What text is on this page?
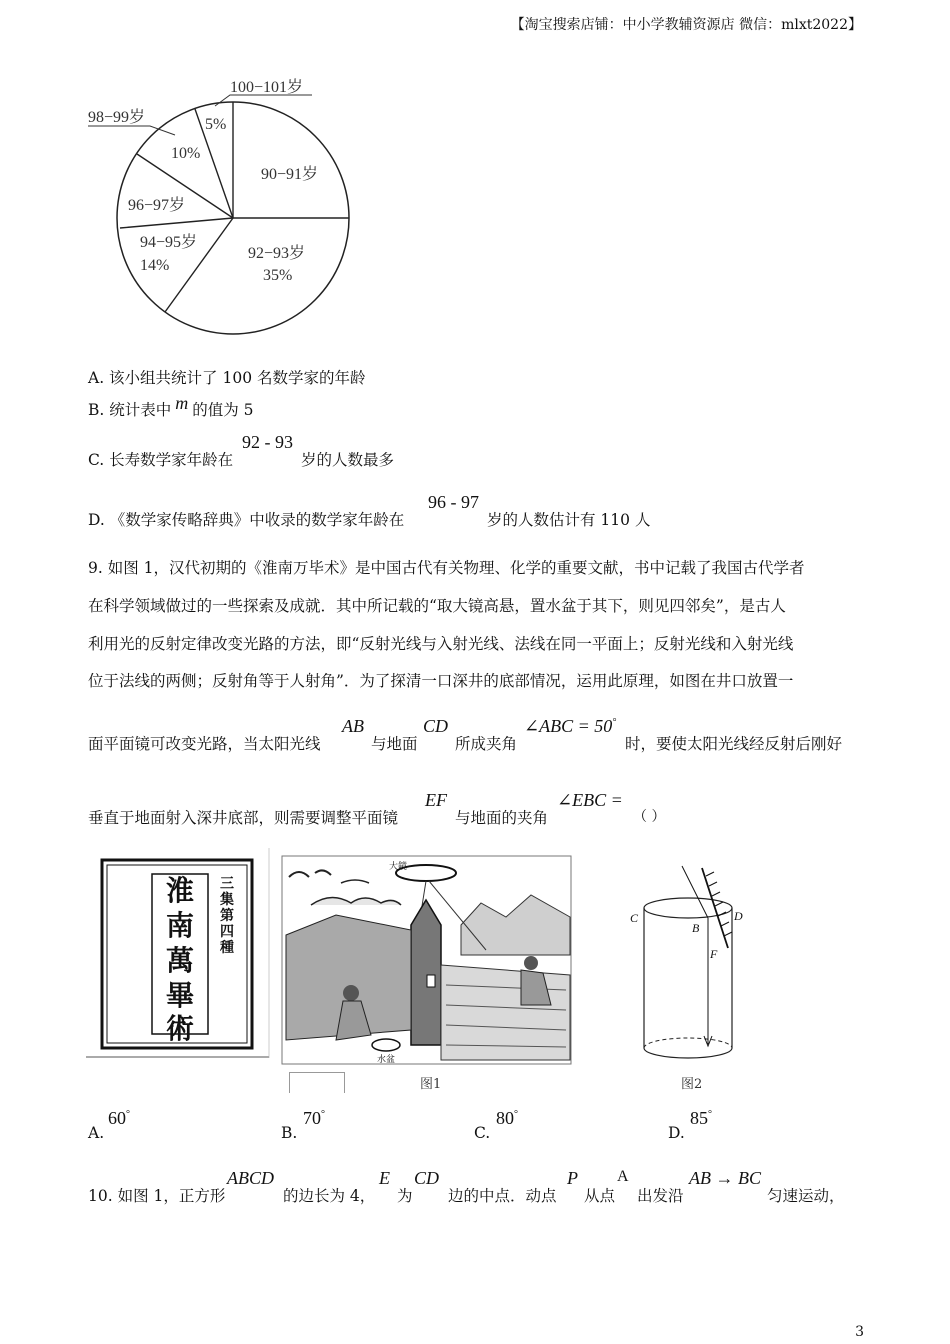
【淘宝搜索店铺：中小学教辅资源店 微信：mlxt2022】
100−101岁
98−99岁	5%
10%
90−91岁
96−97岁
94−95岁
14%
92−93岁
35%
A. 该小组共统计了 100 名数学家的年龄
B. 统计表中 m 的值为 5
C. 长寿数学家年龄在
92 - 93
岁的人数最多
D. 《数学家传略辞典》中收录的数学家年龄在
96 - 97
岁的人数估计有 110 人
9. 如图 1，汉代初期的《淮南万毕术》是中国古代有关物理、化学的重要文献，书中记载了我国古代学者
在科学领域做过的一些探索及成就．其中所记载的“取大镜高悬，置水盆于其下，则见四邻矣”，是古人
利用光的反射定律改变光路的方法，即“反射光线与入射光线、法线在同一平面上；反射光线和入射光线
位于法线的两侧；反射角等于人射角”．为了探清一口深井的底部情况，运用此原理，如图在井口放置一
面平面镜可改变光路，当太阳光线
AB
与地面
CD
所成夹角
∠ABC = 50°
时，要使太阳光线经反射后刚好
垂直于地面射入深井底部，则需要调整平面镜
EF
与地面的夹角
∠EBC =
（ ）
淮
南
萬
畢
術
三
集
第
四
種
大鏡
水盆
图1
C	D
B
F
图2
A.
60°
B.
70°
C.
80°
D.
85°
10. 如图 1，正方形
ABCD
的边长为 4，
E
为
CD
边的中点．动点
P
从点
A
出发沿
AB → BC
匀速运动，
3
